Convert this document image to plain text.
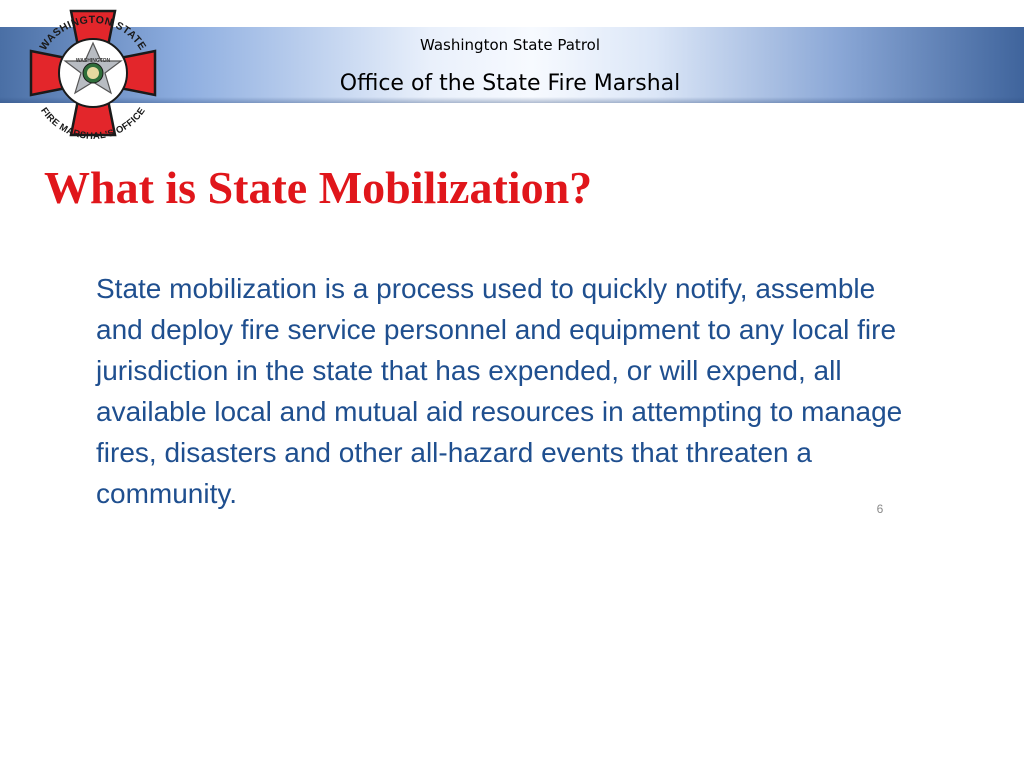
Washington State Patrol
Office of the State Fire Marshal
WASHINGTON STATE
FIRE MARSHAL'S OFFICE
WASHINGTON
What is State Mobilization?
State mobilization is a process used to quickly notify, assemble and deploy fire service personnel and equipment to any local fire jurisdiction in the state that has expended, or will expend, all available local and mutual aid resources in attempting to manage fires, disasters and other all-hazard events that threaten a community.	6
